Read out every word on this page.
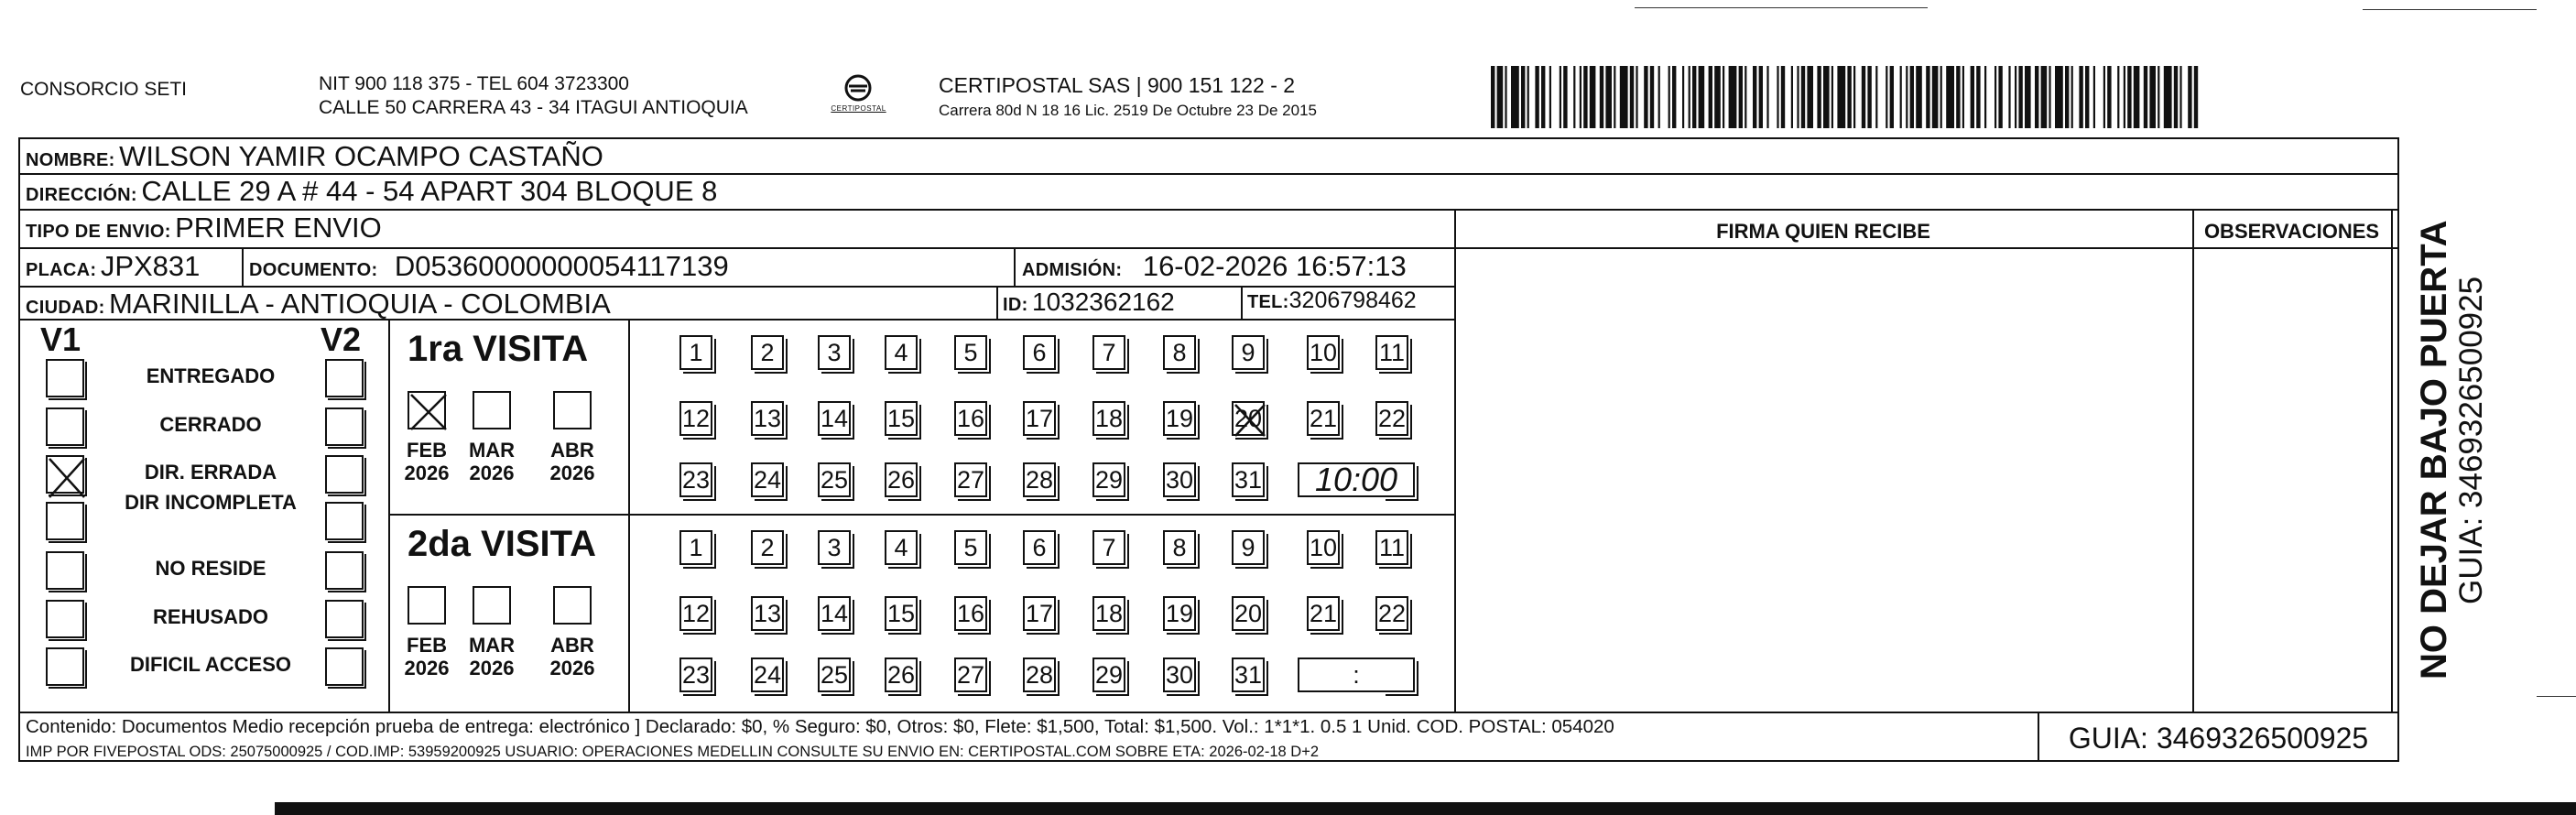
CONSORCIO SETI	NIT 900 118 375 - TEL 604 3723300
CALLE 50 CARRERA 43 - 34 ITAGUI ANTIOQUIA	CERTIPOSTAL
CERTIPOSTAL SAS | 900 151 122 - 2
Carrera 80d N 18 16 Lic. 2519 De Octubre 23 De 2015
NOMBRE: WILSON YAMIR OCAMPO CASTAÑO
DIRECCIÓN: CALLE 29 A # 44 - 54 APART 304 BLOQUE 8
TIPO DE ENVIO: PRIMER ENVIO
PLACA: JPX831	DOCUMENTO: D05360000000054117139	ADMISIÓN: 16-02-2026 16:57:13
CIUDAD: MARINILLA - ANTIOQUIA - COLOMBIA	ID: 1032362162	TEL:3206798462
FIRMA QUIEN RECIBE	OBSERVACIONES
V1	V2
ENTREGADO
CERRADO
DIR. ERRADA
DIR INCOMPLETA
NO RESIDE
REHUSADO
DIFICIL ACCESO
1ra VISITA
FEB
2026
MAR
2026
ABR
2026
1	2	3	4	5	6	7	8	9	10 11
12 13 14 15 16 17 18 19 20 21 22
23 24 25 26 27 28 29 30 31	10:00
2da VISITA
FEB
2026
MAR
2026
ABR
2026
1	2	3	4	5	6	7	8	9	10 11
12 13 14 15 16 17 18 19 20 21 22
23 24 25 26 27 28 29 30 31	:
Contenido: Documentos Medio recepción prueba de entrega: electrónico ] Declarado: $0, % Seguro: $0, Otros: $0, Flete: $1,500, Total: $1,500. Vol.: 1*1*1. 0.5 1 Unid. COD. POSTAL: 054020
IMP POR FIVEPOSTAL ODS: 25075000925 / COD.IMP: 53959200925 USUARIO: OPERACIONES MEDELLIN CONSULTE SU ENVIO EN: CERTIPOSTAL.COM SOBRE ETA: 2026-02-18 D+2	GUIA: 3469326500925
NO DEJAR BAJO PUERTA GUIA: 3469326500925
